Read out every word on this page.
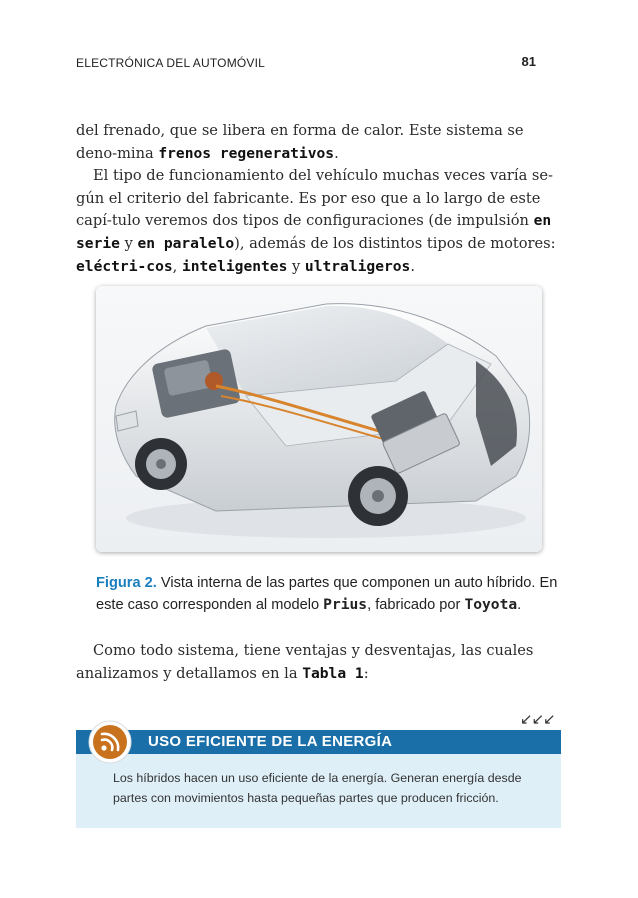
ELECTRÓNICA DEL AUTOMÓVIL	81
del frenado, que se libera en forma de calor. Este sistema se deno-mina frenos regenerativos.
El tipo de funcionamiento del vehículo muchas veces varía se-gún el criterio del fabricante. Es por eso que a lo largo de este capí-tulo veremos dos tipos de configuraciones (de impulsión en serie y en paralelo), además de los distintos tipos de motores: eléctri-cos, inteligentes y ultraligeros.
Figura 2. Vista interna de las partes que componen un auto híbrido. En este caso corresponden al modelo Prius, fabricado por Toyota.
Como todo sistema, tiene ventajas y desventajas, las cuales analizamos y detallamos en la Tabla 1:
↙↙↙
USO EFICIENTE DE LA ENERGÍA
Los híbridos hacen un uso eficiente de la energía. Generan energía desde partes con movimientos hasta pequeñas partes que producen fricción.
